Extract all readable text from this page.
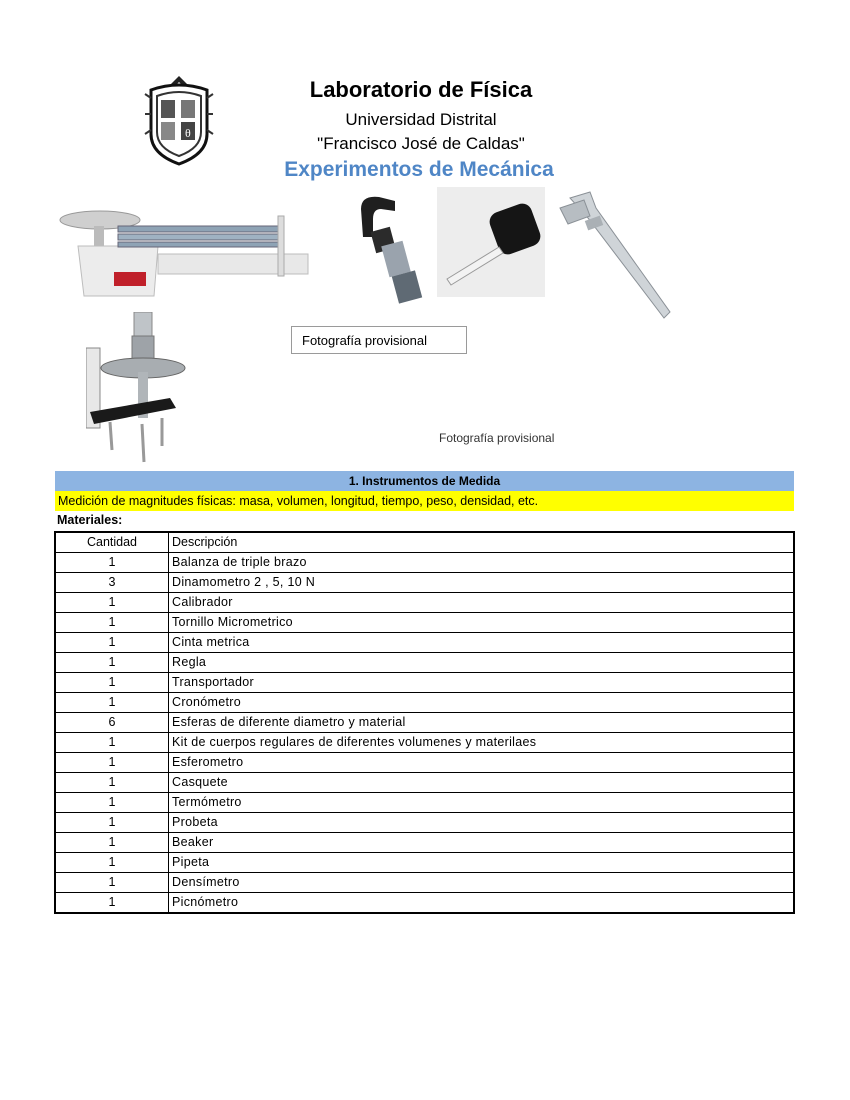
θ
Laboratorio de Física
Universidad Distrital
"Francisco José de Caldas"
Experimentos de Mecánica
Fotografía provisional
Fotografía provisional
1. Instrumentos de Medida
Medición de magnitudes físicas: masa, volumen, longitud, tiempo, peso, densidad, etc.
Materiales:
Cantidad	Descripción
1	Balanza de triple brazo
3	Dinamometro 2 , 5, 10 N
1	Calibrador
1	Tornillo Micrometrico
1	Cinta metrica
1	Regla
1	Transportador
1	Cronómetro
6	Esferas de diferente diametro y material
1	Kit de cuerpos regulares de diferentes volumenes y materilaes
1	Esferometro
1	Casquete
1	Termómetro
1	Probeta
1	Beaker
1	Pipeta
1	Densímetro
1	Picnómetro
